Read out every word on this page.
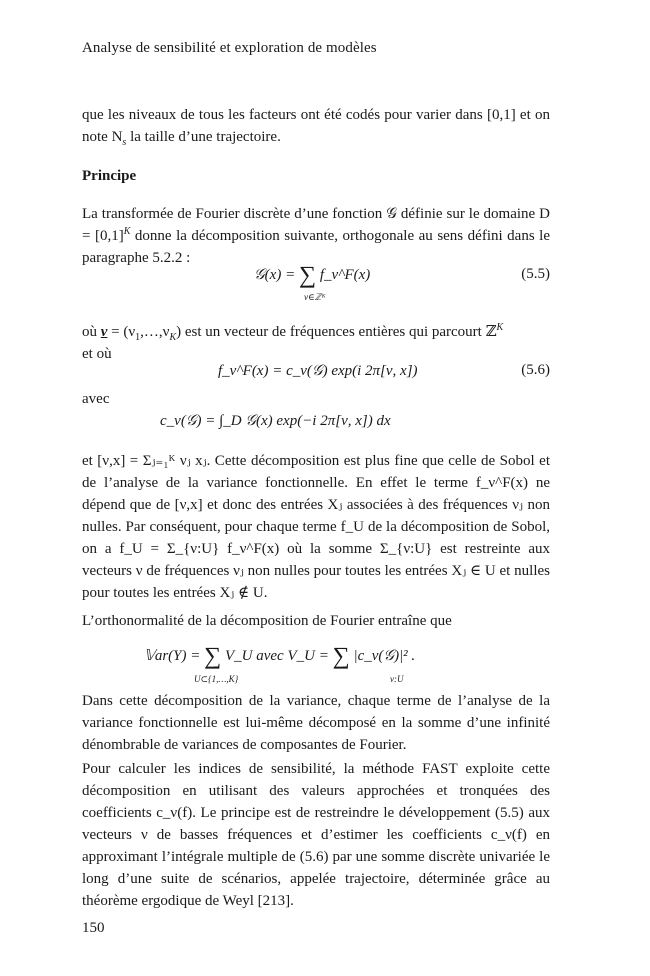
Analyse de sensibilité et exploration de modèles

que les niveaux de tous les facteurs ont été codés pour varier dans [0,1] et on note $N_s$ la taille d’une trajectoire.

Principe

La transformée de Fourier discrète d’une fonction 𝒢 définie sur le domaine $D = [0,1]^K$ donne la décomposition suivante, orthogonale au sens défini dans le paragraphe 5.2.2 :

𝒢(x) = ∑ f_ν^F(x)
ν∈ℤᴷ
(5.5)

où $\nu = (\nu_1,\dots,\nu_K)$ est un vecteur de fréquences entières qui parcourt ℤ$^K$
et où

f_ν^F(x) = c_ν(𝒢) exp(i 2π[ν, x])	(5.6)

avec

c_ν(𝒢) = ∫_D 𝒢(x) exp(−i 2π[ν, x]) dx

et [ν,x] = Σⱼ₌₁ᴷ νⱼ xⱼ. Cette décomposition est plus fine que celle de Sobol et de l’analyse de la variance fonctionnelle. En effet le terme f_ν^F(x) ne dépend que de [ν,x] et donc des entrées Xⱼ associées à des fréquences νⱼ non nulles. Par conséquent, pour chaque terme f_U de la décomposition de Sobol, on a f_U = Σ_{ν:U} f_ν^F(x) où la somme Σ_{ν:U} est restreinte aux vecteurs ν de fréquences νⱼ non nulles pour toutes les entrées Xⱼ ∈ U et nulles pour toutes les entrées Xⱼ ∉ U.

L’orthonormalité de la décomposition de Fourier entraîne que

𝕍ar(Y) = ∑ V_U avec V_U = ∑ |c_ν(𝒢)|² .
U⊂{1,…,K}	ν:U

Dans cette décomposition de la variance, chaque terme de l’analyse de la variance fonctionnelle est lui-même décomposé en la somme d’une infinité dénombrable de variances de composantes de Fourier.

Pour calculer les indices de sensibilité, la méthode FAST exploite cette décomposition en utilisant des valeurs approchées et tronquées des coefficients c_ν(f). Le principe est de restreindre le développement (5.5) aux vecteurs ν de basses fréquences et d’estimer les coefficients c_ν(f) en approximant l’intégrale multiple de (5.6) par une somme discrète univariée le long d’une suite de scénarios, appelée trajectoire, déterminée grâce au théorème ergodique de Weyl [213].

150
